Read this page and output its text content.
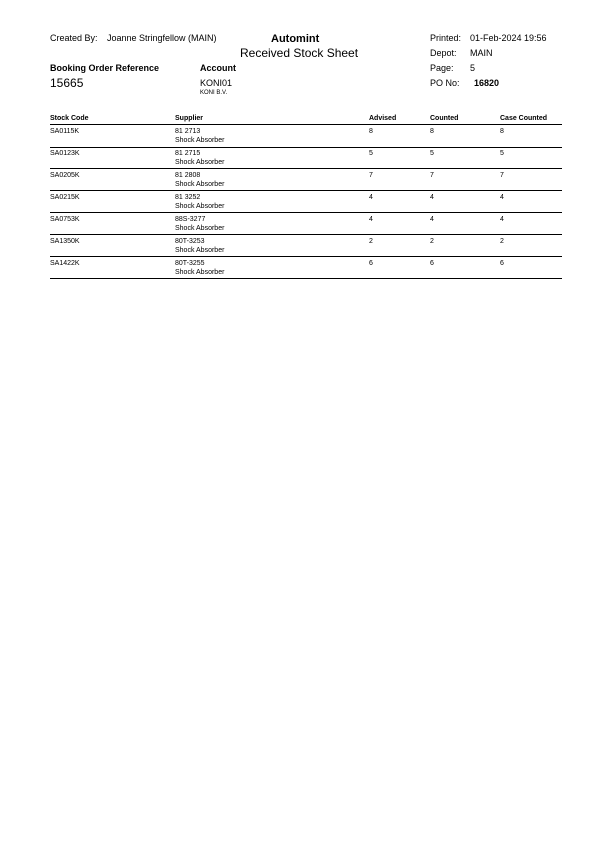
Created By: Joanne Stringfellow (MAIN)	Automint
Received Stock Sheet
Printed: 01-Feb-2024 19:56
Depot: MAIN
Page: 5
PO No: 16820
Booking Order Reference
15665
Account
KONI01
KONI B.V.
Stock Code	Supplier	Advised	Counted	Case Counted
SA0115K	81 2713
Shock Absorber
8	8	8
SA0123K	81 2715
Shock Absorber
5	5	5
SA0205K	81 2808
Shock Absorber
7	7	7
SA0215K	81 3252
Shock Absorber
4	4	4
SA0753K	88S-3277
Shock Absorber
4	4	4
SA1350K	80T-3253
Shock Absorber
2	2	2
SA1422K	80T-3255
Shock Absorber
6	6	6
